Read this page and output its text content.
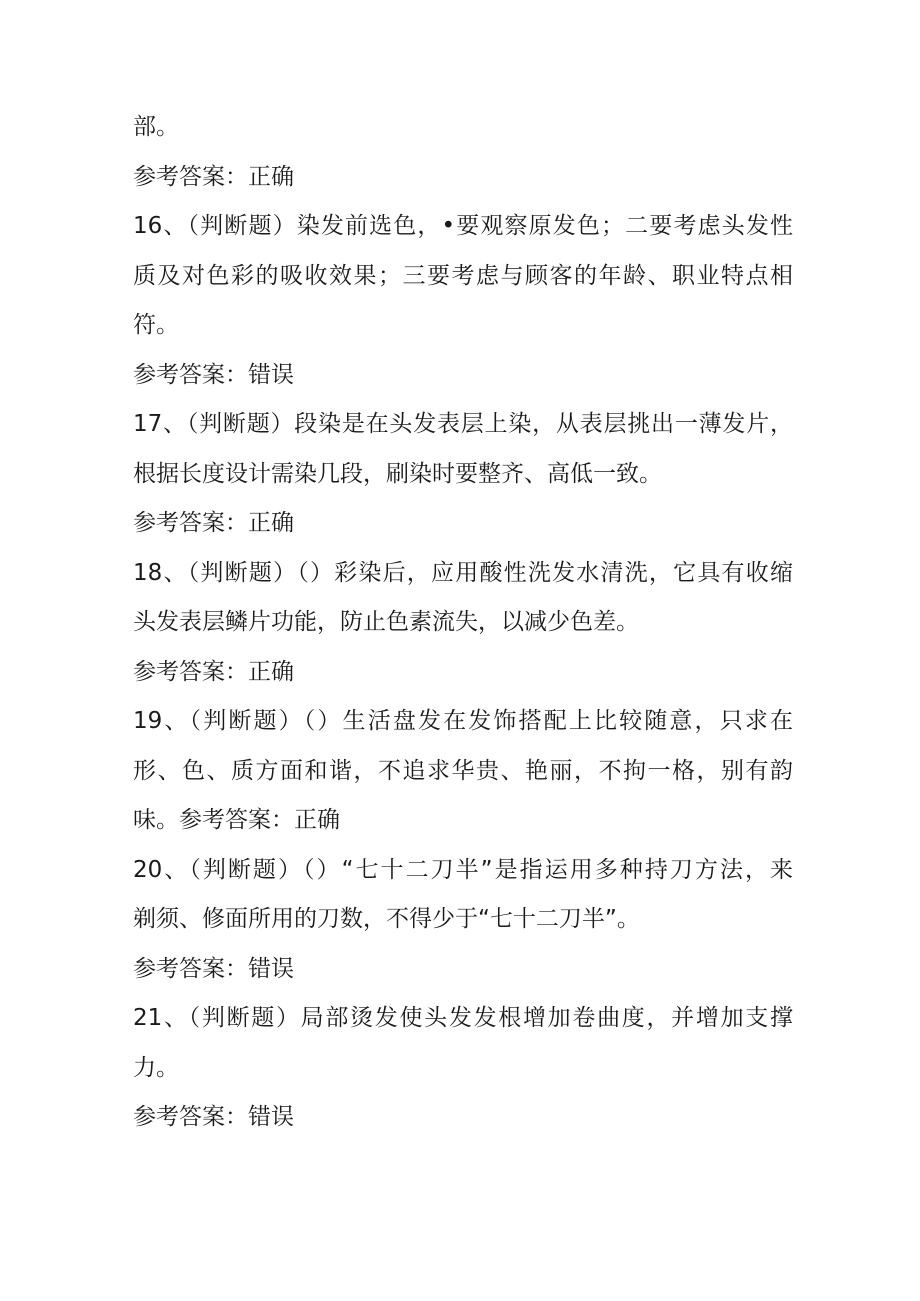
部。
参考答案：正确
16、（判断题）染发前选色，•要观察原发色；二要考虑头发性
质及对色彩的吸收效果；三要考虑与顾客的年龄、职业特点相
符。
参考答案：错误
17、（判断题）段染是在头发表层上染，从表层挑出一薄发片，
根据长度设计需染几段，刷染时要整齐、高低一致。
参考答案：正确
18、（判断题）（）彩染后，应用酸性洗发水清洗，它具有收缩
头发表层鳞片功能，防止色素流失，以减少色差。
参考答案：正确
19、（判断题）（）生活盘发在发饰搭配上比较随意，只求在
形、色、质方面和谐，不追求华贵、艳丽，不拘一格，别有韵
味。参考答案：正确
20、（判断题）（）“七十二刀半”是指运用多种持刀方法，来
剃须、修面所用的刀数，不得少于“七十二刀半”。
参考答案：错误
21、（判断题）局部烫发使头发发根增加卷曲度，并增加支撑
力。
参考答案：错误
